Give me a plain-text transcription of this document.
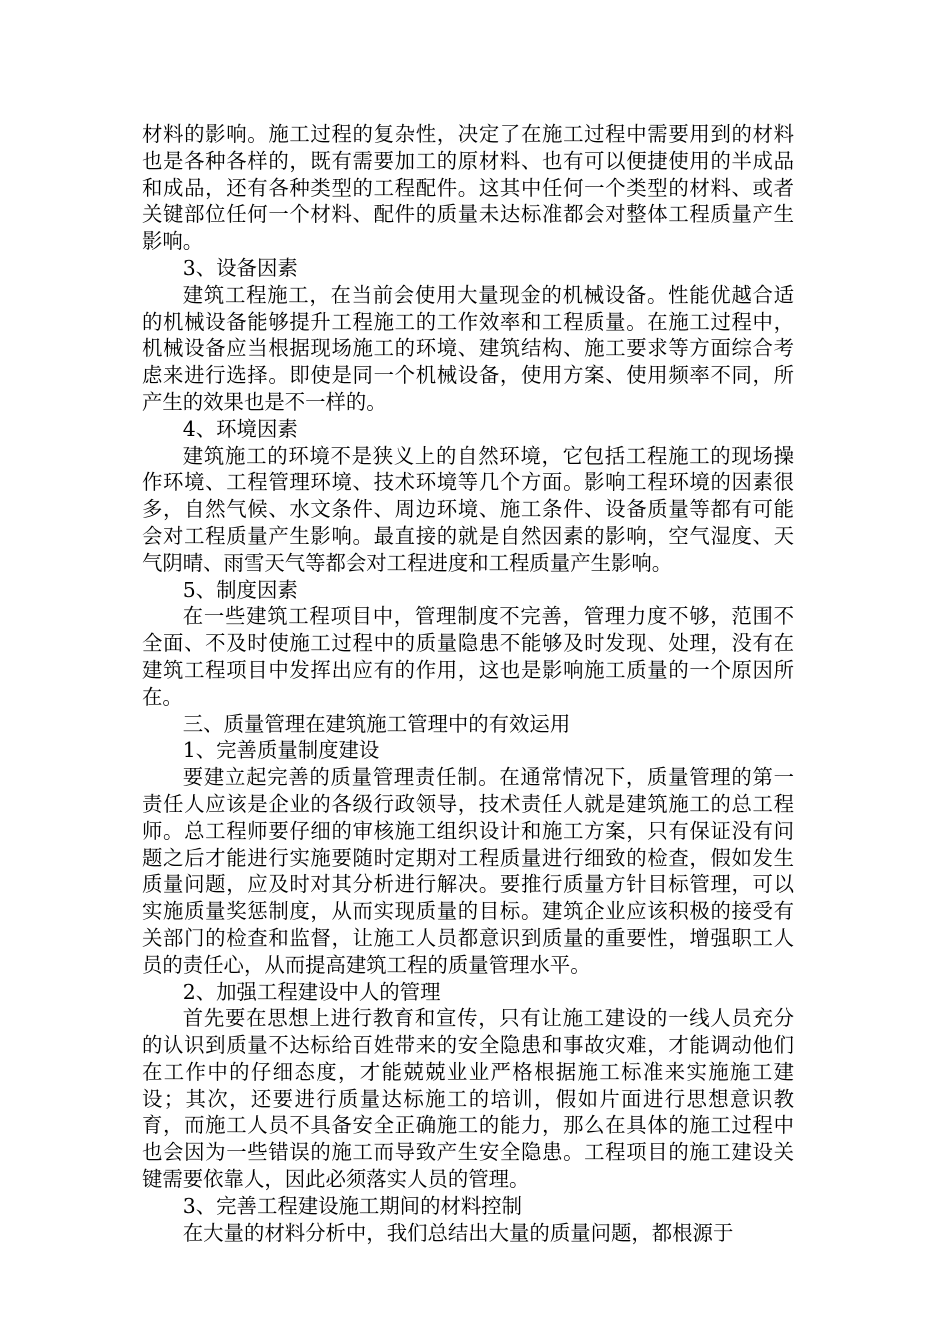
材料的影响。施工过程的复杂性，决定了在施工过程中需要用到的材料也是各种各样的，既有需要加工的原材料、也有可以便捷使用的半成品和成品，还有各种类型的工程配件。这其中任何一个类型的材料、或者关键部位任何一个材料、配件的质量未达标准都会对整体工程质量产生影响。

3、设备因素

建筑工程施工，在当前会使用大量现金的机械设备。性能优越合适的机械设备能够提升工程施工的工作效率和工程质量。在施工过程中，机械设备应当根据现场施工的环境、建筑结构、施工要求等方面综合考虑来进行选择。即使是同一个机械设备，使用方案、使用频率不同，所产生的效果也是不一样的。

4、环境因素

建筑施工的环境不是狭义上的自然环境，它包括工程施工的现场操作环境、工程管理环境、技术环境等几个方面。影响工程环境的因素很多，自然气候、水文条件、周边环境、施工条件、设备质量等都有可能会对工程质量产生影响。最直接的就是自然因素的影响，空气湿度、天气阴晴、雨雪天气等都会对工程进度和工程质量产生影响。

5、制度因素

在一些建筑工程项目中，管理制度不完善，管理力度不够，范围不全面、不及时使施工过程中的质量隐患不能够及时发现、处理，没有在建筑工程项目中发挥出应有的作用，这也是影响施工质量的一个原因所在。

三、质量管理在建筑施工管理中的有效运用

1、完善质量制度建设

要建立起完善的质量管理责任制。在通常情况下，质量管理的第一责任人应该是企业的各级行政领导，技术责任人就是建筑施工的总工程师。总工程师要仔细的审核施工组织设计和施工方案，只有保证没有问题之后才能进行实施要随时定期对工程质量进行细致的检查，假如发生质量问题，应及时对其分析进行解决。要推行质量方针目标管理，可以实施质量奖惩制度，从而实现质量的目标。建筑企业应该积极的接受有关部门的检查和监督，让施工人员都意识到质量的重要性，增强职工人员的责任心，从而提高建筑工程的质量管理水平。

2、加强工程建设中人的管理

首先要在思想上进行教育和宣传，只有让施工建设的一线人员充分的认识到质量不达标给百姓带来的安全隐患和事故灾难，才能调动他们在工作中的仔细态度，才能兢兢业业严格根据施工标准来实施施工建设；其次，还要进行质量达标施工的培训，假如片面进行思想意识教育，而施工人员不具备安全正确施工的能力，那么在具体的施工过程中也会因为一些错误的施工而导致产生安全隐患。工程项目的施工建设关键需要依靠人，因此必须落实人员的管理。

3、完善工程建设施工期间的材料控制

在大量的材料分析中，我们总结出大量的质量问题，都根源于
